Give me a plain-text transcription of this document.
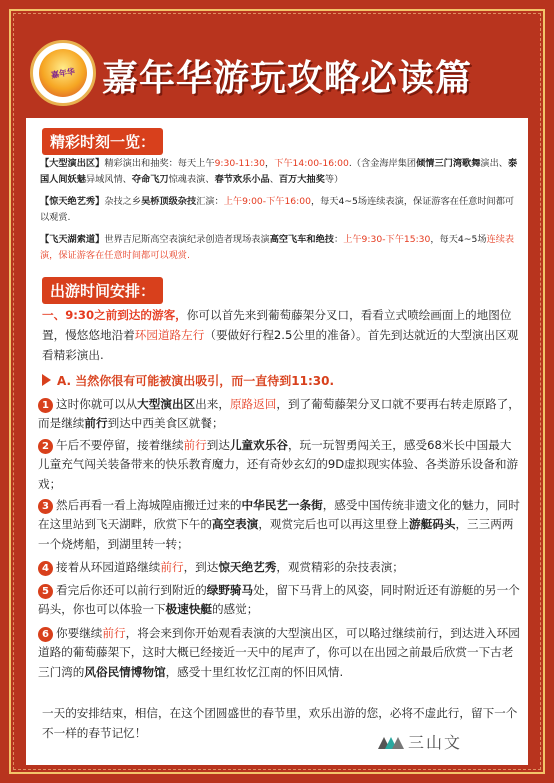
嘉年华 嘉年华游玩攻略必读篇
精彩时刻一览：
【大型演出区】精彩演出和抽奖：每天上午9:30-11:30，下午14:00-16:00.（含金海岸集团倾情三门湾歌舞演出、泰国人间妖魅异域风情、夺命飞刀惊魂表演、春节欢乐小品、百万大抽奖等）
【惊天绝艺秀】杂技之乡吴桥顶级杂技汇演：上午9:00-下午16:00，每天4~5场连续表演，保证游客在任意时间都可以观赏.
【飞天湖索道】世界吉尼斯高空表演纪录创造者现场表演高空飞车和绝技：上午9:30-下午15:30，每天4~5场连续表演，保证游客在任意时间都可以观赏.
出游时间安排：
一、9:30之前到达的游客，你可以首先来到葡萄藤架分叉口，看看立式喷绘画面上的地图位置，慢悠悠地沿着环园道路左行（要做好行程2.5公里的准备）。首先到达就近的大型演出区观看精彩演出.
A. 当然你很有可能被演出吸引，而一直待到11:30.
1 这时你就可以从大型演出区出来，原路返回，到了葡萄藤架分叉口就不要再右转走原路了，而是继续前行到达中西美食区就餐；
2 午后不要停留，接着继续前行到达儿童欢乐谷，玩一玩智勇闯关王，感受68米长中国最大儿童充气闯关装备带来的快乐教育魔力，还有奇妙玄幻的9D虚拟现实体验、各类游乐设备和游戏；
3 然后再看一看上海城隍庙搬迁过来的中华民艺一条街，感受中国传统非遗文化的魅力，同时在这里站到飞天湖畔，欣赏下午的高空表演，观赏完后也可以再这里登上游艇码头，三三两两一个烧烤船，到湖里转一转；
4 接着从环园道路继续前行，到达惊天绝艺秀，观赏精彩的杂技表演；
5 看完后你还可以前行到附近的绿野骑马处，留下马背上的风姿，同时附近还有游艇的另一个码头，你也可以体验一下极速快艇的感觉；
6 你要继续前行，将会来到你开始观看表演的大型演出区，可以略过继续前行，到达进入环园道路的葡萄藤架下，这时大概已经接近一天中的尾声了，你可以在出园之前最后欣赏一下古老三门湾的风俗民情博物馆，感受十里红妆忆江南的怀旧风情.
一天的安排结束，相信，在这个团圆盛世的春节里，欢乐出游的您，必将不虚此行，留下一个不一样的春节记忆！	三山文
